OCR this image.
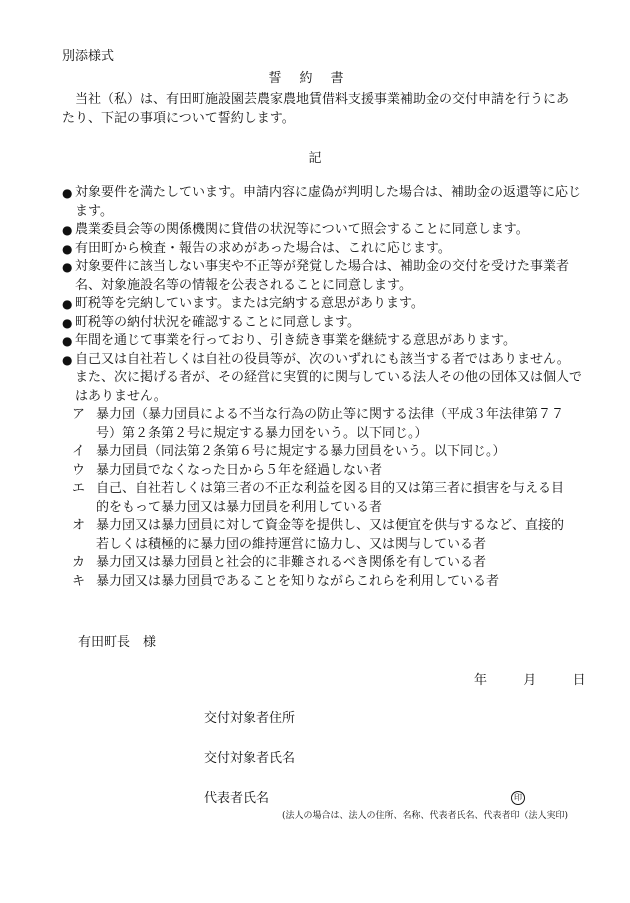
別添様式
誓約書
当社（私）は、有田町施設園芸農家農地賃借料支援事業補助金の交付申請を行うにあたり、下記の事項について誓約します。
記
● 対象要件を満たしています。申請内容に虚偽が判明した場合は、補助金の返還等に応じます。
● 農業委員会等の関係機関に貸借の状況等について照会することに同意します。
● 有田町から検査・報告の求めがあった場合は、これに応じます。
● 対象要件に該当しない事実や不正等が発覚した場合は、補助金の交付を受けた事業者名、対象施設名等の情報を公表されることに同意します。
● 町税等を完納しています。または完納する意思があります。
● 町税等の納付状況を確認することに同意します。
● 年間を通じて事業を行っており、引き続き事業を継続する意思があります。
● 自己又は自社若しくは自社の役員等が、次のいずれにも該当する者ではありません。
また、次に掲げる者が、その経営に実質的に関与している法人その他の団体又は個人ではありません。
ア 暴力団（暴力団員による不当な行為の防止等に関する法律（平成３年法律第７７号）第２条第２号に規定する暴力団をいう。以下同じ。）
イ 暴力団員（同法第２条第６号に規定する暴力団員をいう。以下同じ。）
ウ 暴力団員でなくなった日から５年を経過しない者
エ 自己、自社若しくは第三者の不正な利益を図る目的又は第三者に損害を与える目的をもって暴力団又は暴力団員を利用している者
オ 暴力団又は暴力団員に対して資金等を提供し、又は便宜を供与するなど、直接的若しくは積極的に暴力団の維持運営に協力し、又は関与している者
カ 暴力団又は暴力団員と社会的に非難されるべき関係を有している者
キ 暴力団又は暴力団員であることを知りながらこれらを利用している者
有田町長　様
年	月	日
交付対象者住所
交付対象者氏名
代表者氏名	印
(法人の場合は、法人の住所、名称、代表者氏名、代表者印（法人実印)
